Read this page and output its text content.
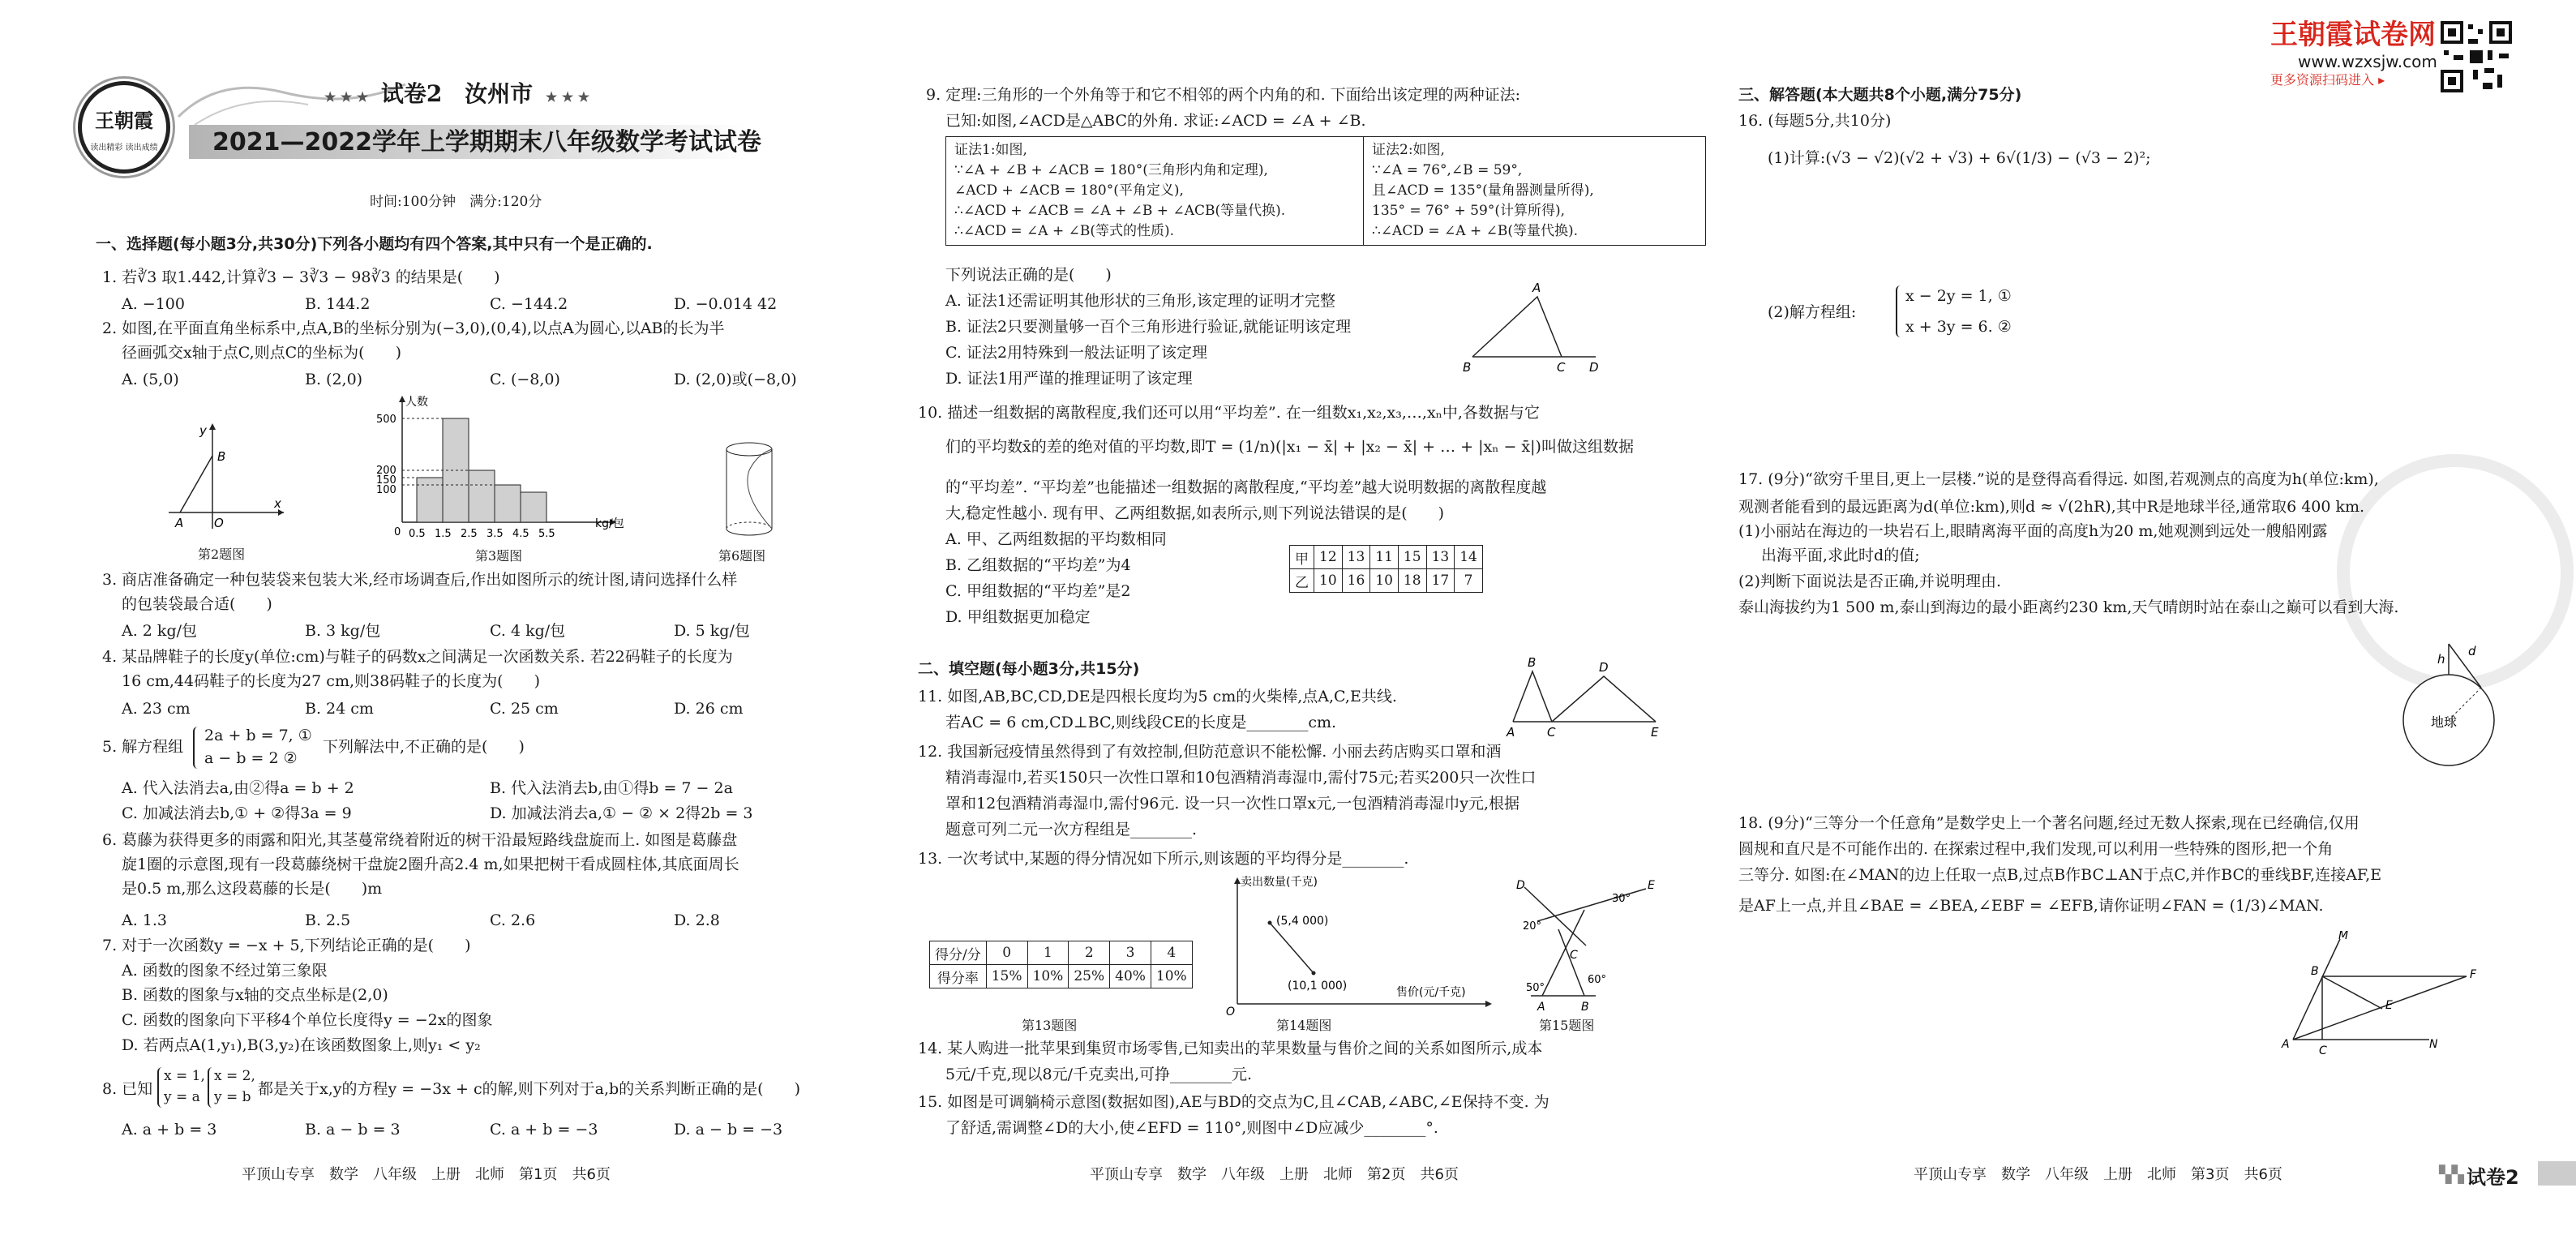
王朝霞
读出精彩 读出成绩
★ ★ ★ 试卷2 汝州市 ★ ★ ★
2021—2022学年上学期期末八年级数学考试试卷
时间:100分钟　满分:120分
一、选择题(每小题3分,共30分)下列各小题均有四个答案,其中只有一个是正确的.
1. 若∛3 取1.442,计算∛3 − 3∛3 − 98∛3 的结果是(　　)
A. −100	B. 144.2	C. −144.2	D. −0.014 42
2. 如图,在平面直角坐标系中,点A,B的坐标分别为(−3,0),(0,4),以点A为圆心,以AB的长为半
径画弧交x轴于点C,则点C的坐标为(　　)
A. (5,0)	B. (2,0)	C. (−8,0)	D. (2,0)或(−8,0)
y
B
A	O
x
第2题图
人数
kg/包
500
200
150
100
0 0.5 1.5 2.5 3.5 4.5 5.5
第3题图	第6题图
3. 商店准备确定一种包装袋来包装大米,经市场调查后,作出如图所示的统计图,请问选择什么样
的包装袋最合适(　　)
A. 2 kg/包	B. 3 kg/包	C. 4 kg/包	D. 5 kg/包
4. 某品牌鞋子的长度y(单位:cm)与鞋子的码数x之间满足一次函数关系. 若22码鞋子的长度为
16 cm,44码鞋子的长度为27 cm,则38码鞋子的长度为(　　)
A. 23 cm	B. 24 cm	C. 25 cm	D. 26 cm
5. 解方程组
2a + b = 7, ①
a − b = 2 ②
下列解法中,不正确的是(　　)
A. 代入法消去a,由②得a = b + 2	B. 代入法消去b,由①得b = 7 − 2a
C. 加减法消去b,① + ②得3a = 9	D. 加减法消去a,① − ② × 2得2b = 3
6. 葛藤为获得更多的雨露和阳光,其茎蔓常绕着附近的树干沿最短路线盘旋而上. 如图是葛藤盘
旋1圈的示意图,现有一段葛藤绕树干盘旋2圈升高2.4 m,如果把树干看成圆柱体,其底面周长
是0.5 m,那么这段葛藤的长是(　　)m
A. 1.3	B. 2.5	C. 2.6	D. 2.8
7. 对于一次函数y = −x + 5,下列结论正确的是(　　)
A. 函数的图象不经过第三象限
B. 函数的图象与x轴的交点坐标是(2,0)
C. 函数的图象向下平移4个单位长度得y = −2x的图象
D. 若两点A(1,y₁),B(3,y₂)在该函数图象上,则y₁ < y₂
8. 已知
x = 1,
y = a
x = 2,
y = b 都是关于x,y的方程y = −3x + c的解,则下列对于a,b的关系判断正确的是(　　)
A. a + b = 3	B. a − b = 3	C. a + b = −3	D. a − b = −3
平顶山专享　数学　八年级　上册　北师　第1页　共6页
9. 定理:三角形的一个外角等于和它不相邻的两个内角的和. 下面给出该定理的两种证法:
已知:如图,∠ACD是△ABC的外角. 求证:∠ACD = ∠A + ∠B.
证法1:如图,
∵∠A + ∠B + ∠ACB = 180°(三角形内角和定理),
∠ACD + ∠ACB = 180°(平角定义),
∴∠ACD + ∠ACB = ∠A + ∠B + ∠ACB(等量代换).
∴∠ACD = ∠A + ∠B(等式的性质).

证法2:如图,
∵∠A = 76°,∠B = 59°,
且∠ACD = 135°(量角器测量所得),
135° = 76° + 59°(计算所得),
∴∠ACD = ∠A + ∠B(等量代换).
下列说法正确的是(　　)
A. 证法1还需证明其他形状的三角形,该定理的证明才完整
B. 证法2只要测量够一百个三角形进行验证,就能证明该定理
C. 证法2用特殊到一般法证明了该定理
D. 证法1用严谨的推理证明了该定理
A
B	C D
10. 描述一组数据的离散程度,我们还可以用“平均差”. 在一组数x₁,x₂,x₃,…,xₙ中,各数据与它
们的平均数x̄的差的绝对值的平均数,即T = (1/n)(|x₁ − x̄| + |x₂ − x̄| + … + |xₙ − x̄|)叫做这组数据
的“平均差”. “平均差”也能描述一组数据的离散程度,“平均差”越大说明数据的离散程度越
大,稳定性越小. 现有甲、乙两组数据,如表所示,则下列说法错误的是(　　)
A. 甲、乙两组数据的平均数相同
B. 乙组数据的“平均差”为4
C. 甲组数据的“平均差”是2
D. 甲组数据更加稳定
甲	12	13	11	15	13	14
乙	10	16	10	18	17	7
二、填空题(每小题3分,共15分)
11. 如图,AB,BC,CD,DE是四根长度均为5 cm的火柴棒,点A,C,E共线.
若AC = 6 cm,CD⊥BC,则线段CE的长度是________cm.
B	D
A	C	E
12. 我国新冠疫情虽然得到了有效控制,但防范意识不能松懈. 小丽去药店购买口罩和酒
精消毒湿巾,若买150只一次性口罩和10包酒精消毒湿巾,需付75元;若买200只一次性口
罩和12包酒精消毒湿巾,需付96元. 设一只一次性口罩x元,一包酒精消毒湿巾y元,根据
题意可列二元一次方程组是________.
13. 一次考试中,某题的得分情况如下所示,则该题的平均得分是________.
得分/分	0	1	2	3	4
得分率	15%	10%	25%	40%	10%
第13题图
卖出数量(千克)
售价(元/千克)
(5,4 000)
(10,1 000)
O
第14题图
D	E
30°
20°
C
50°
60°
A	B
第15题图
14. 某人购进一批苹果到集贸市场零售,已知卖出的苹果数量与售价之间的关系如图所示,成本
5元/千克,现以8元/千克卖出,可挣________元.
15. 如图是可调躺椅示意图(数据如图),AE与BD的交点为C,且∠CAB,∠ABC,∠E保持不变. 为
了舒适,需调整∠D的大小,使∠EFD = 110°,则图中∠D应减少________°.
平顶山专享　数学　八年级　上册　北师　第2页　共6页
王朝霞试卷网
www.wzxsjw.com
更多资源扫码进入 ▸
三、解答题(本大题共8个小题,满分75分)
16. (每题5分,共10分)
(1)计算:(√3 − √2)(√2 + √3) + 6√(1/3) − (√3 − 2)²;
(2)解方程组:
x − 2y = 1, ①
x + 3y = 6. ②
17. (9分)“欲穷千里目,更上一层楼.”说的是登得高看得远. 如图,若观测点的高度为h(单位:km),
观测者能看到的最远距离为d(单位:km),则d ≈ √(2hR),其中R是地球半径,通常取6 400 km.
(1)小丽站在海边的一块岩石上,眼睛离海平面的高度h为20 m,她观测到远处一艘船刚露
出海平面,求此时d的值;
(2)判断下面说法是否正确,并说明理由.
泰山海拔约为1 500 m,泰山到海边的最小距离约230 km,天气晴朗时站在泰山之巅可以看到大海.
h
d
地球
18. (9分)“三等分一个任意角”是数学史上一个著名问题,经过无数人探索,现在已经确信,仅用
圆规和直尺是不可能作出的. 在探索过程中,我们发现,可以利用一些特殊的图形,把一个角
三等分. 如图:在∠MAN的边上任取一点B,过点B作BC⊥AN于点C,并作BC的垂线BF,连接AF,E
是AF上一点,并且∠BAE = ∠BEA,∠EBF = ∠EFB,请你证明∠FAN = (1/3)∠MAN.
M
B	F
E
A	C	N
平顶山专享　数学　八年级　上册　北师　第3页　共6页	▚▚ 试卷2
